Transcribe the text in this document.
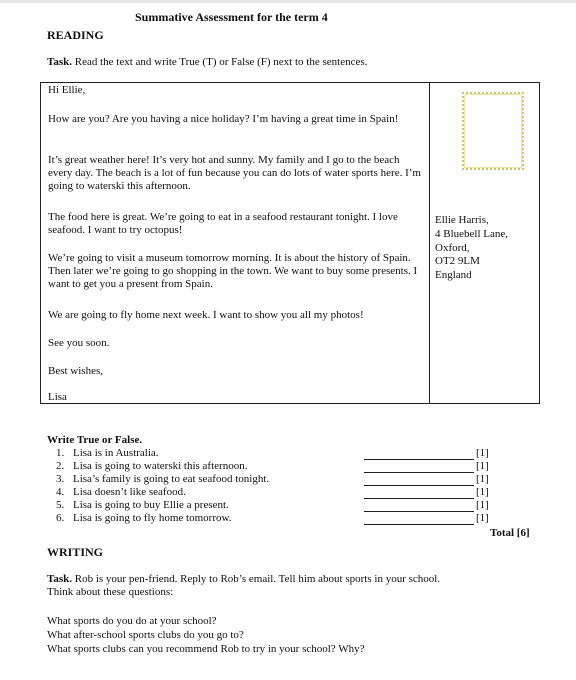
Summative Assessment for the term 4
READING
Task. Read the text and write True (T) or False (F) next to the sentences.

Hi Ellie,

How are you? Are you having a nice holiday? I’m having a great time in Spain!

It’s great weather here! It’s very hot and sunny. My family and I go to the beach every day. The beach is a lot of fun because you can do lots of water sports here. I’m going to waterski this afternoon.

The food here is great. We’re going to eat in a seafood restaurant tonight. I love seafood. I want to try octopus!

We’re going to visit a museum tomorrow morning. It is about the history of Spain. Then later we’re going to go shopping in the town. We want to buy some presents. I want to get you a present from Spain.

We are going to fly home next week. I want to show you all my photos!

See you soon.

Best wishes,

Lisa

Ellie Harris,
4 Bluebell Lane,
Oxford,
OT2 9LM
England
Write True or False.
1. Lisa is in Australia.	[1]
2. Lisa is going to waterski this afternoon.	[1]
3. Lisa’s family is going to eat seafood tonight.	[1]
4. Lisa doesn’t like seafood.	[1]
5. Lisa is going to buy Ellie a present.	[1]
6. Lisa is going to fly home tomorrow.	[1]
Total [6]
WRITING
Task. Rob is your pen-friend. Reply to Rob’s email. Tell him about sports in your school.
Think about these questions:
What sports do you do at your school?
What after-school sports clubs do you go to?
What sports clubs can you recommend Rob to try in your school? Why?
